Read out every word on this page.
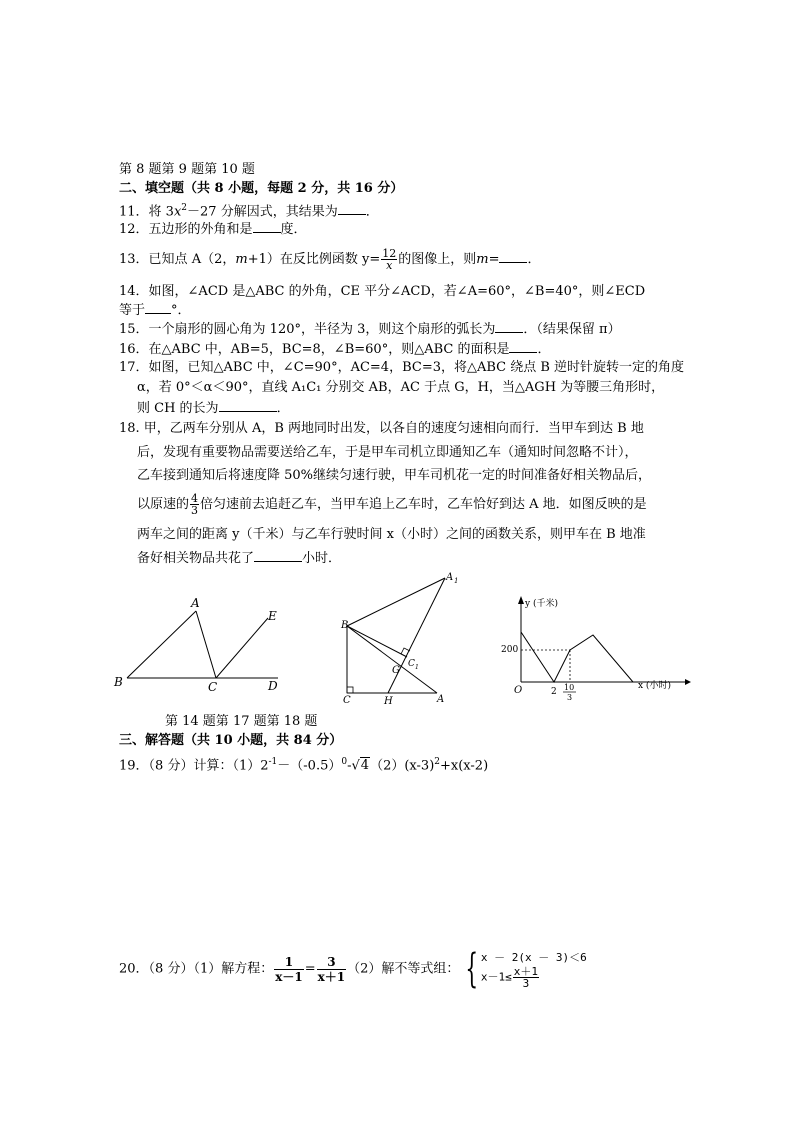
第 8 题第 9 题第 10 题
二、填空题（共 8 小题，每题 2 分，共 16 分）
11．将 $3x^2-27$ 分解因式，其结果为 ．
12．五边形的外角和是 度．
13．已知点 A（2，m+1）在反比例函数 $y= \frac{12}{x}$ 的图像上，则m= ．
14．如图，∠ACD 是△ABC 的外角，CE 平分∠ACD，若∠A=60°，∠B=40°，则∠ECD
等于 °．
15．一个扇形的圆心角为 120°，半径为 3，则这个扇形的弧长为 ．（结果保留 π）
16．在△ABC 中，AB=5，BC=8，∠B=60°，则△ABC 的面积是 ．
17．如图，已知△ABC 中，∠C=90°，AC=4，BC=3，将△ABC 绕点 B 逆时针旋转一定的角度
α，若 0°＜α＜90°，直线 A₁C₁ 分别交 AB，AC 于点 G，H，当△AGH 为等腰三角形时，
则 CH 的长为	．
18. 甲，乙两车分别从 A，B 两地同时出发，以各自的速度匀速相向而行．当甲车到达 B 地
后，发现有重要物品需要送给乙车，于是甲车司机立即通知乙车（通知时间忽略不计），
乙车接到通知后将速度降 50%继续匀速行驶，甲车司机花一定的时间准备好相关物品后，
以原速的 $\frac{4}{3}$ 倍匀速前去追赶乙车，当甲车追上乙车时，乙车恰好到达 A 地．如图反映的是
两车之间的距离 y（千米）与乙车行驶时间 x（小时）之间的函数关系，则甲车在 B 地准
备好相关物品共花了	小时．
A
B	C	D
E
A 1
B
C 1
G
C	H	A
y (千米)
200
O	2 10
3
x (小时)
第 14 题第 17 题第 18 题
三、解答题（共 10 小题，共 84 分）
19．（8 分）计算：$(1)2^{-1}-(-0.5)^0-√4(2)(x-3)^2+x(x-2)$
20．（8 分）（1）解方程： $\frac{1}{x-1} = \frac{3}{x+1} (2)$解不等式组： { x － 2(x － 3)＜6
$x-1\le \frac{x+1}{3}$
